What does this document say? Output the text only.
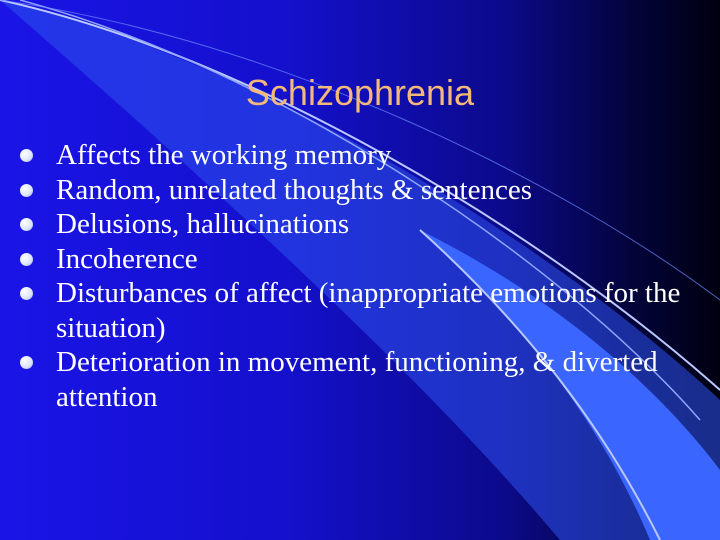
Schizophrenia
Affects the working memory
Random, unrelated thoughts & sentences
Delusions, hallucinations
Incoherence
Disturbances of affect (inappropriate emotions for the situation)
Deterioration in movement, functioning, & diverted attention
